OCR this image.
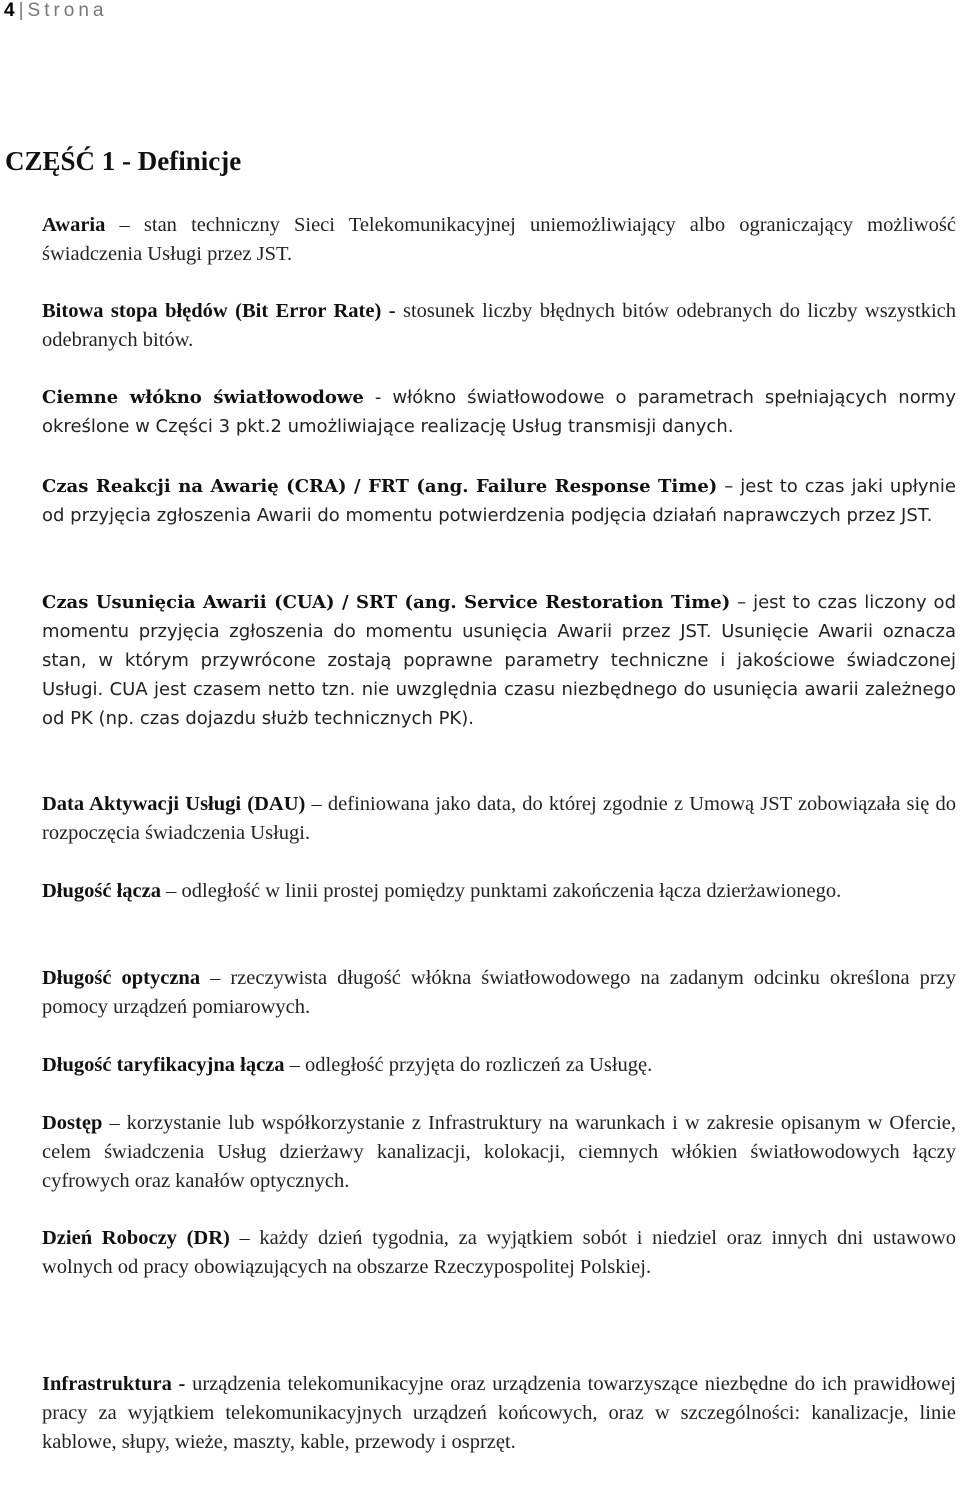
4 | Strona
CZĘŚĆ 1 - Definicje

Awaria – stan techniczny Sieci Telekomunikacyjnej uniemożliwiający albo ograniczający możliwość świadczenia Usługi przez JST.

Bitowa stopa błędów (Bit Error Rate) - stosunek liczby błędnych bitów odebranych do liczby wszystkich odebranych bitów.

Ciemne włókno światłowodowe - włókno światłowodowe o parametrach spełniających normy określone w Części 3 pkt.2 umożliwiające realizację Usług transmisji danych.

Czas Reakcji na Awarię (CRA) / FRT (ang. Failure Response Time) – jest to czas jaki upłynie od przyjęcia zgłoszenia Awarii do momentu potwierdzenia podjęcia działań naprawczych przez JST.

Czas Usunięcia Awarii (CUA) / SRT (ang. Service Restoration Time) – jest to czas liczony od momentu przyjęcia zgłoszenia do momentu usunięcia Awarii przez JST. Usunięcie Awarii oznacza stan, w którym przywrócone zostają poprawne parametry techniczne i jakościowe świadczonej Usługi. CUA jest czasem netto tzn. nie uwzględnia czasu niezbędnego do usunięcia awarii zależnego od PK (np. czas dojazdu służb technicznych PK).

Data Aktywacji Usługi (DAU) – definiowana jako data, do której zgodnie z Umową JST zobowiązała się do rozpoczęcia świadczenia Usługi.

Długość łącza – odległość w linii prostej pomiędzy punktami zakończenia łącza dzierżawionego.

Długość optyczna – rzeczywista długość włókna światłowodowego na zadanym odcinku określona przy pomocy urządzeń pomiarowych.

Długość taryfikacyjna łącza – odległość przyjęta do rozliczeń za Usługę.

Dostęp – korzystanie lub współkorzystanie z Infrastruktury na warunkach i w zakresie opisanym w Ofercie, celem świadczenia Usług dzierżawy kanalizacji, kolokacji, ciemnych włókien światłowodowych łączy cyfrowych oraz kanałów optycznych.

Dzień Roboczy (DR) – każdy dzień tygodnia, za wyjątkiem sobót i niedziel oraz innych dni ustawowo wolnych od pracy obowiązujących na obszarze Rzeczypospolitej Polskiej.

Infrastruktura - urządzenia telekomunikacyjne oraz urządzenia towarzyszące niezbędne do ich prawidłowej pracy za wyjątkiem telekomunikacyjnych urządzeń końcowych, oraz w szczególności: kanalizacje, linie kablowe, słupy, wieże, maszty, kable, przewody i osprzęt.
